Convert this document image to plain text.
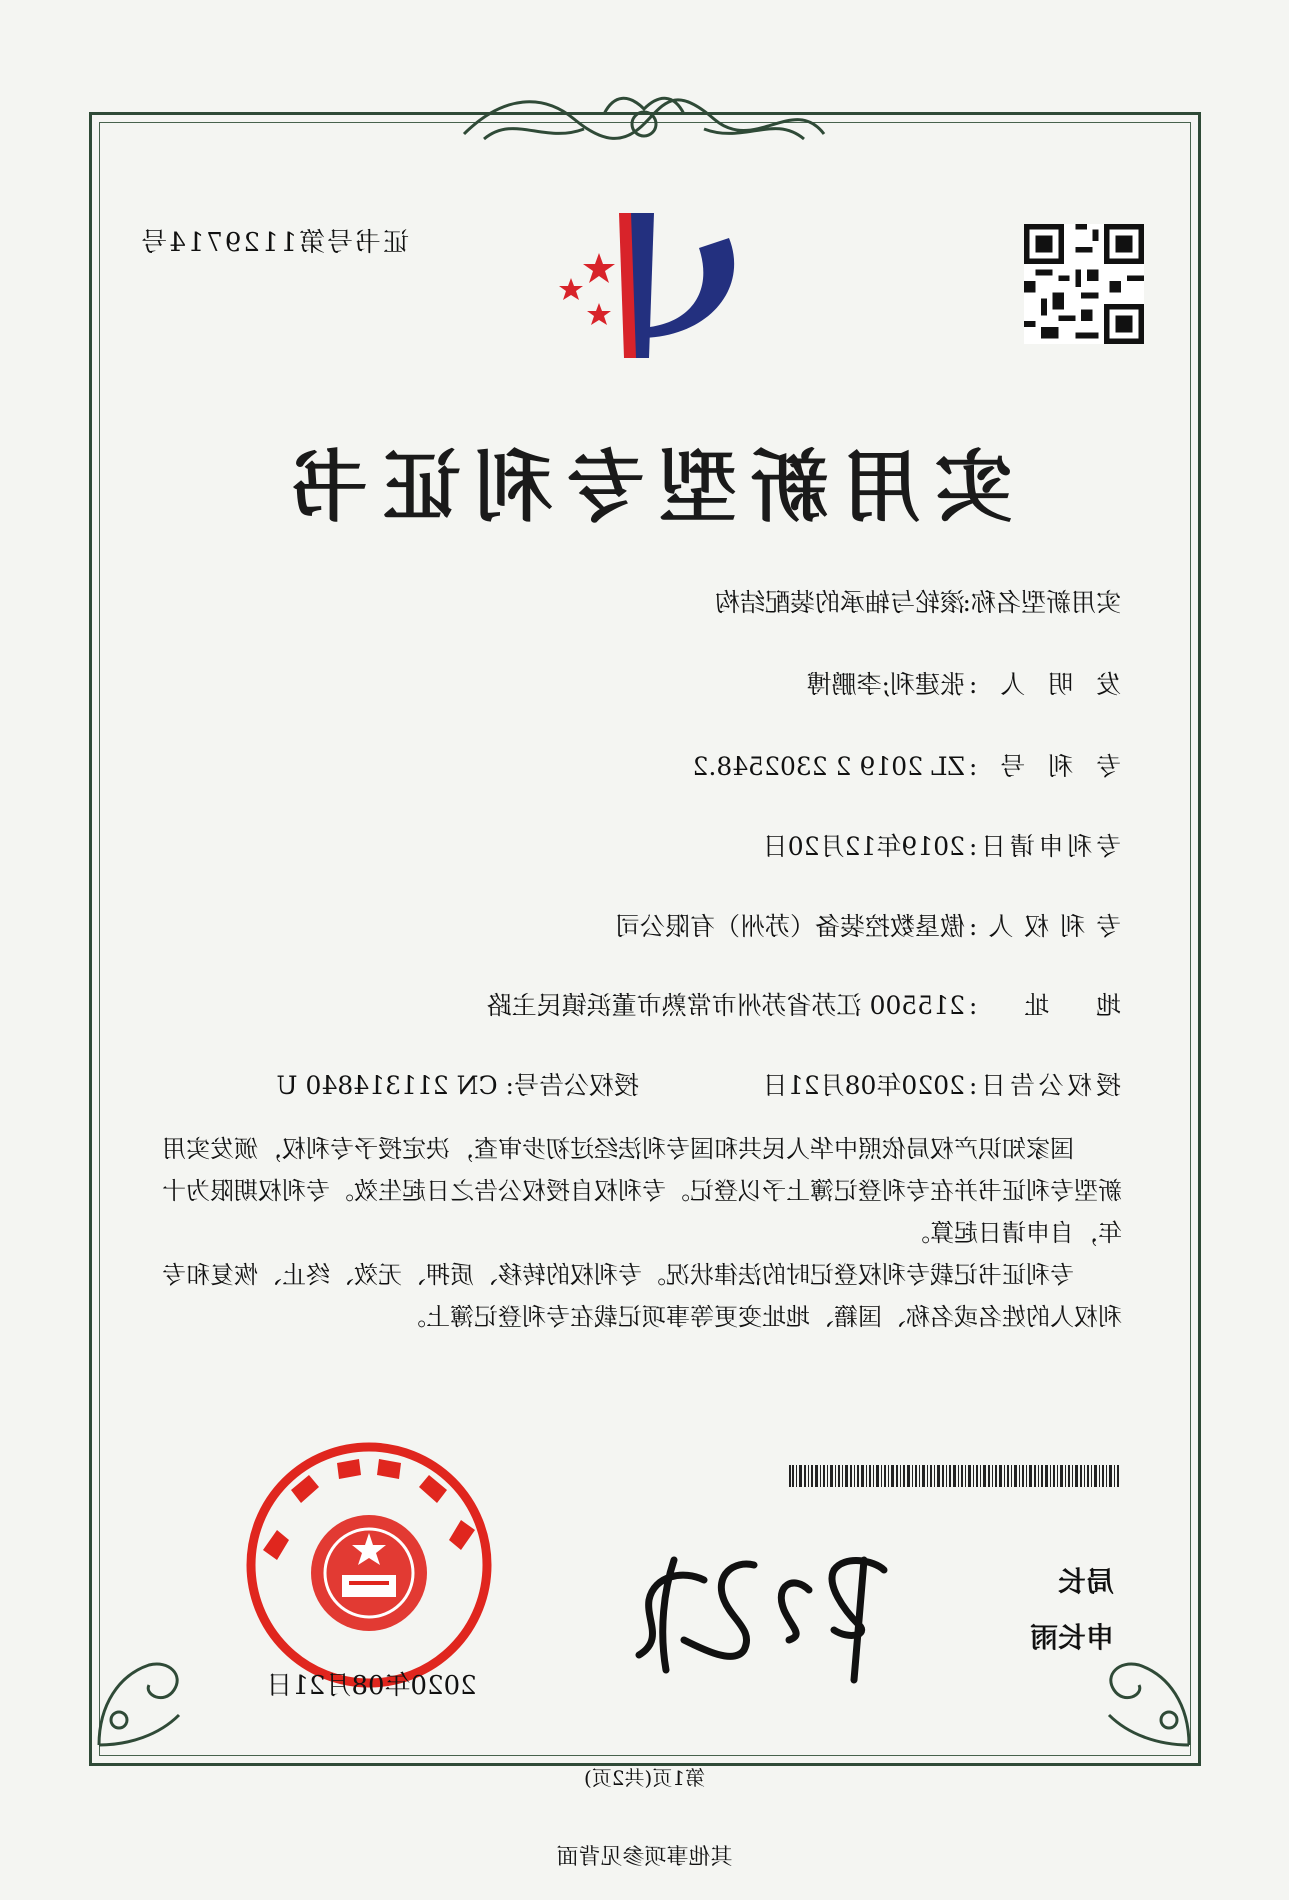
证书号第1129714号
实用新型专利证书
实用新型名称:滚轮与轴承的装配结构
发明人:张建利;李鹏博
专利号:ZL 2019 2 2302548.2
专利申请日:2019年12月20日
专利权人:傲垦数控装备（苏州）有限公司
地址:215500 江苏省苏州市常熟市董浜镇民主路
授权公告日:2020年08月21日
授权公告号: CN 211314840 U

国家知识产权局依照中华人民共和国专利法经过初步审查，决定授予专利权，颁发实用新型专利证书并在专利登记簿上予以登记。专利权自授权公告之日起生效。专利权期限为十年，自申请日起算。

专利证书记载专利权登记时的法律状况。专利权的转移、质押、无效、终止、恢复和专利权人的姓名或名称、国籍、地址变更等事项记载在专利登记簿上。

局长
申长雨
2020年08月21日
第1页(共2页)
其他事项参见背面
